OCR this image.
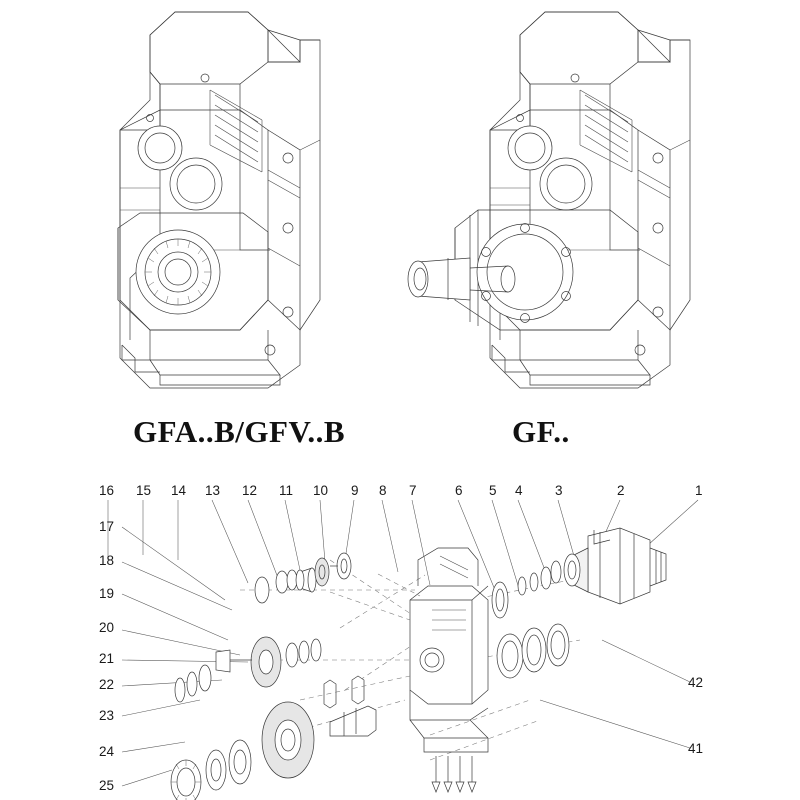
GFA..B/GFV..B	GF..
16 15 14 13 12 11 10 9 8 7	6 5 4 3	2	1
17
18
19
20
21
22
23
24
25
42
41
